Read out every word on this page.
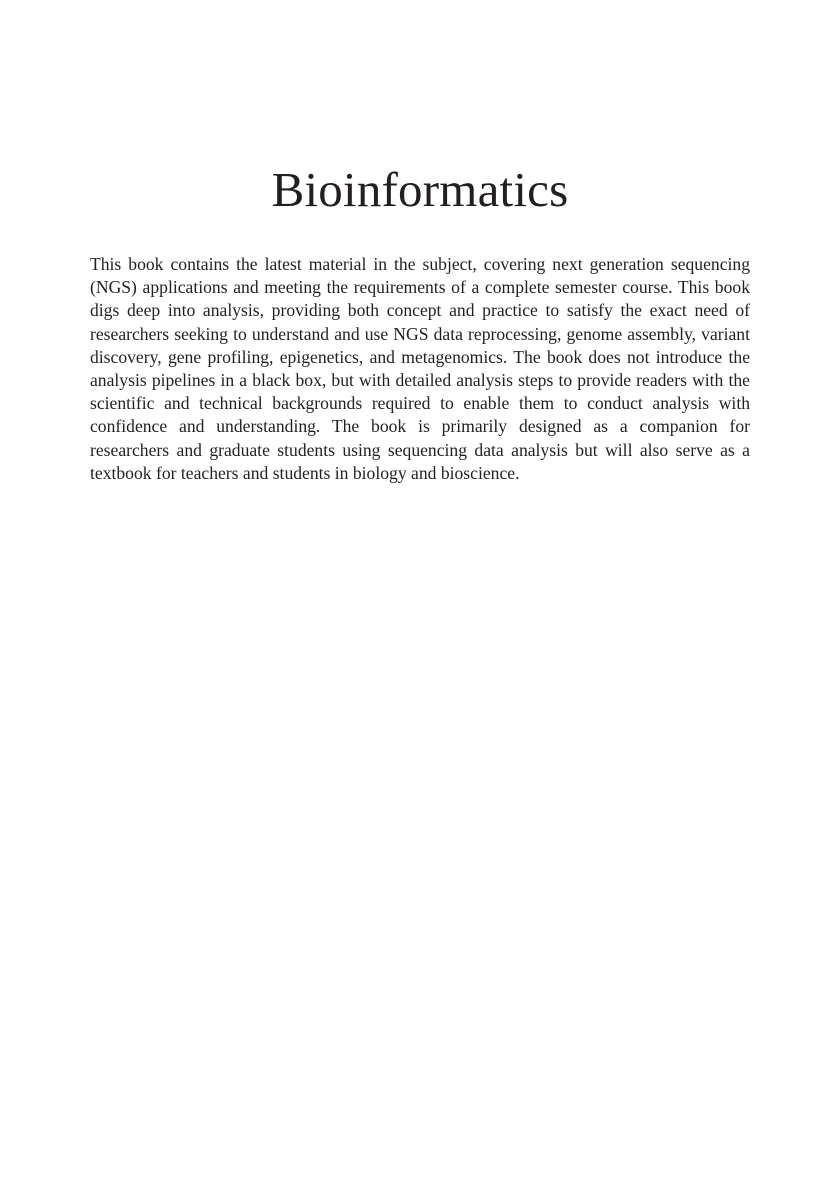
Bioinformatics

This book contains the latest material in the subject, covering next generation sequencing (NGS) applications and meeting the requirements of a complete semester course. This book digs deep into analysis, providing both concept and practice to satisfy the exact need of researchers seeking to understand and use NGS data reprocessing, genome assembly, variant discovery, gene profiling, epigenetics, and metagenomics. The book does not introduce the analysis pipelines in a black box, but with detailed analysis steps to provide readers with the scientific and technical backgrounds required to enable them to conduct analysis with confidence and understanding. The book is primarily designed as a companion for researchers and graduate students using sequencing data analysis but will also serve as a textbook for teachers and students in biology and bioscience.
